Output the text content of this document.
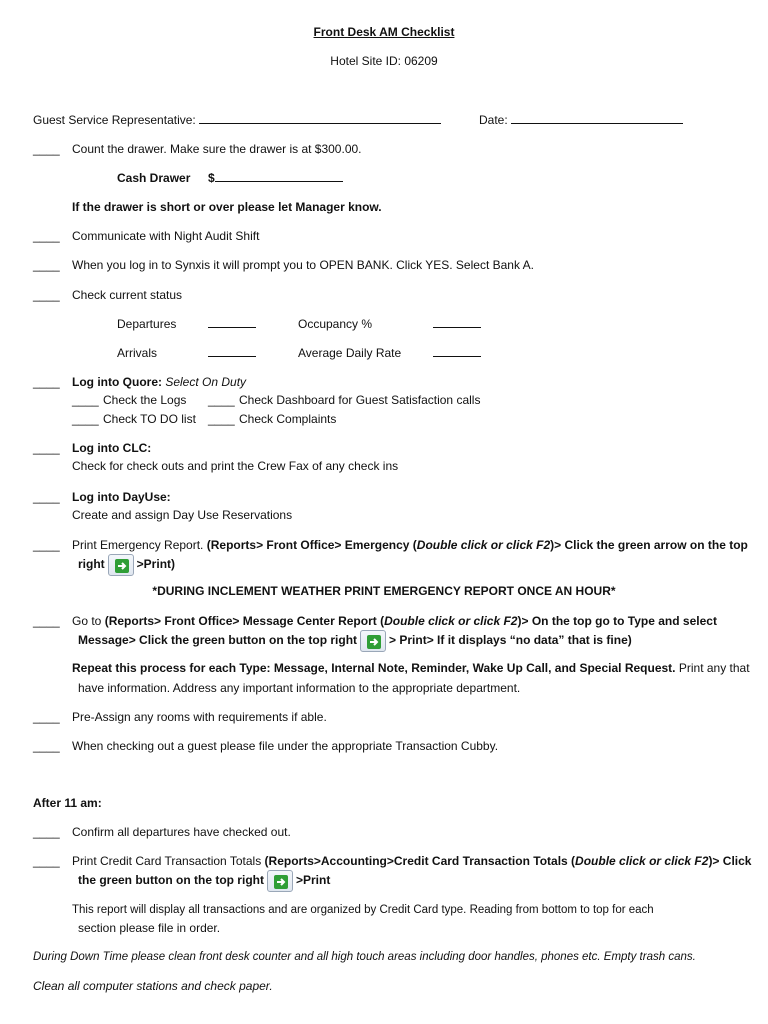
Front Desk AM Checklist
Hotel Site ID: 06209
Guest Service Representative:	Date:
____ Count the drawer. Make sure the drawer is at $300.00.
Cash Drawer $
If the drawer is short or over please let Manager know.
____ Communicate with Night Audit Shift
____ When you log in to Synxis it will prompt you to OPEN BANK. Click YES. Select Bank A.
____ Check current status
Departures	Occupancy %
Arrivals	Average Daily Rate
____ Log into Quore: Select On Duty
____ Check the Logs ____ Check Dashboard for Guest Satisfaction calls
____ Check TO DO list ____ Check Complaints
____ Log into CLC:
Check for check outs and print the Crew Fax of any check ins
____ Log into DayUse:
Create and assign Day Use Reservations
____ Print Emergency Report. (Reports> Front Office> Emergency (Double click or click F2)> Click the green arrow on the top
right	>Print)
*DURING INCLEMENT WEATHER PRINT EMERGENCY REPORT ONCE AN HOUR*
____ Go to (Reports> Front Office> Message Center Report (Double click or click F2)> On the top go to Type and select
Message> Click the green button on the top right	> Print> If it displays “no data” that is fine)
Repeat this process for each Type: Message, Internal Note, Reminder, Wake Up Call, and Special Request. Print any that
have information. Address any important information to the appropriate department.
____ Pre-Assign any rooms with requirements if able.
____ When checking out a guest please file under the appropriate Transaction Cubby.
After 11 am:
____ Confirm all departures have checked out.
____ Print Credit Card Transaction Totals (Reports>Accounting>Credit Card Transaction Totals (Double click or click F2)> Click
the green button on the top right	>Print
This report will display all transactions and are organized by Credit Card type. Reading from bottom to top for each
section please file in order.
During Down Time please clean front desk counter and all high touch areas including door handles, phones etc. Empty trash cans.
Clean all computer stations and check paper.
